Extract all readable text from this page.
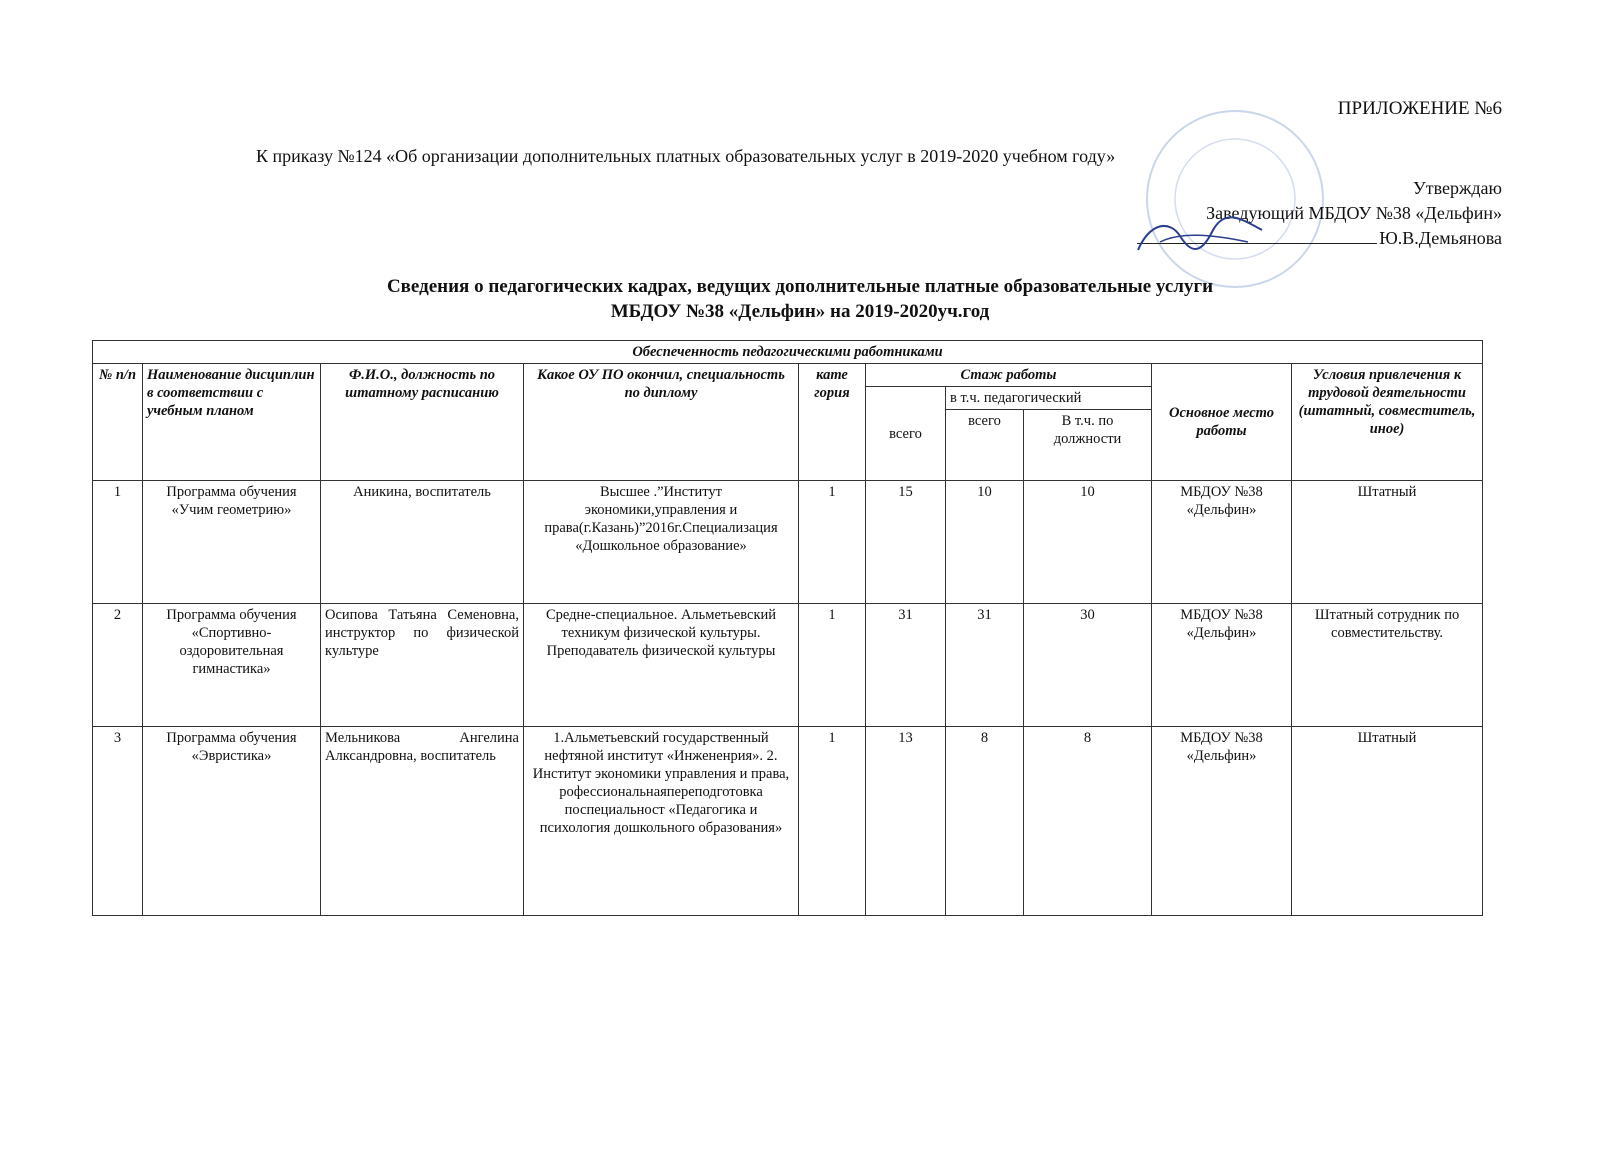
ПРИЛОЖЕНИЕ №6
К приказу №124 «Об организации дополнительных платных образовательных услуг в 2019-2020 учебном году»
Утверждаю
Заведующий МБДОУ №38 «Дельфин»
Ю.В.Демьянова
Сведения о педагогических кадрах, ведущих дополнительные платные образовательные услуги
МБДОУ №38 «Дельфин» на 2019-2020уч.год
Обеспеченность педагогическими работниками									
№ п/п	Наименование дисциплин в соответствии с учебным планом	Ф.И.О., должность по штатному расписанию	Какое ОУ ПО окончил, специальность по диплому	кате гория	Стаж работы			Основное место работы	Условия привлечения к трудовой деятельности (штатный, совместитель, иное)
					всего	в т.ч. педагогический			
						всего	В т.ч. по должности		
1	Программа обучения «Учим геометрию»	Аникина, воспитатель	Высшее .”Институт экономики,управления и права(г.Казань)”2016г.Специализация «Дошкольное образование»	1	15	10	10	МБДОУ №38 «Дельфин»	Штатный
2	Программа обучения «Спортивно-оздоровительная гимнастика»	Осипова Татьяна Семеновна, инструктор по физической культуре	Средне-специальное. Альметьевский техникум физической культуры. Преподаватель физической культуры	1	31	31	30	МБДОУ №38 «Дельфин»	Штатный сотрудник по совместительству.
3	Программа обучения «Эвристика»	Мельникова Ангелина Алксандровна, воспитатель	1.Альметьевский государственный нефтяной институт «Инжененрия». 2. Институт экономики управления и права, рофессиональнаяпереподготовка поспециальност «Педагогика и психология дошкольного образования»	1	13	8	8	МБДОУ №38 «Дельфин»	Штатный
